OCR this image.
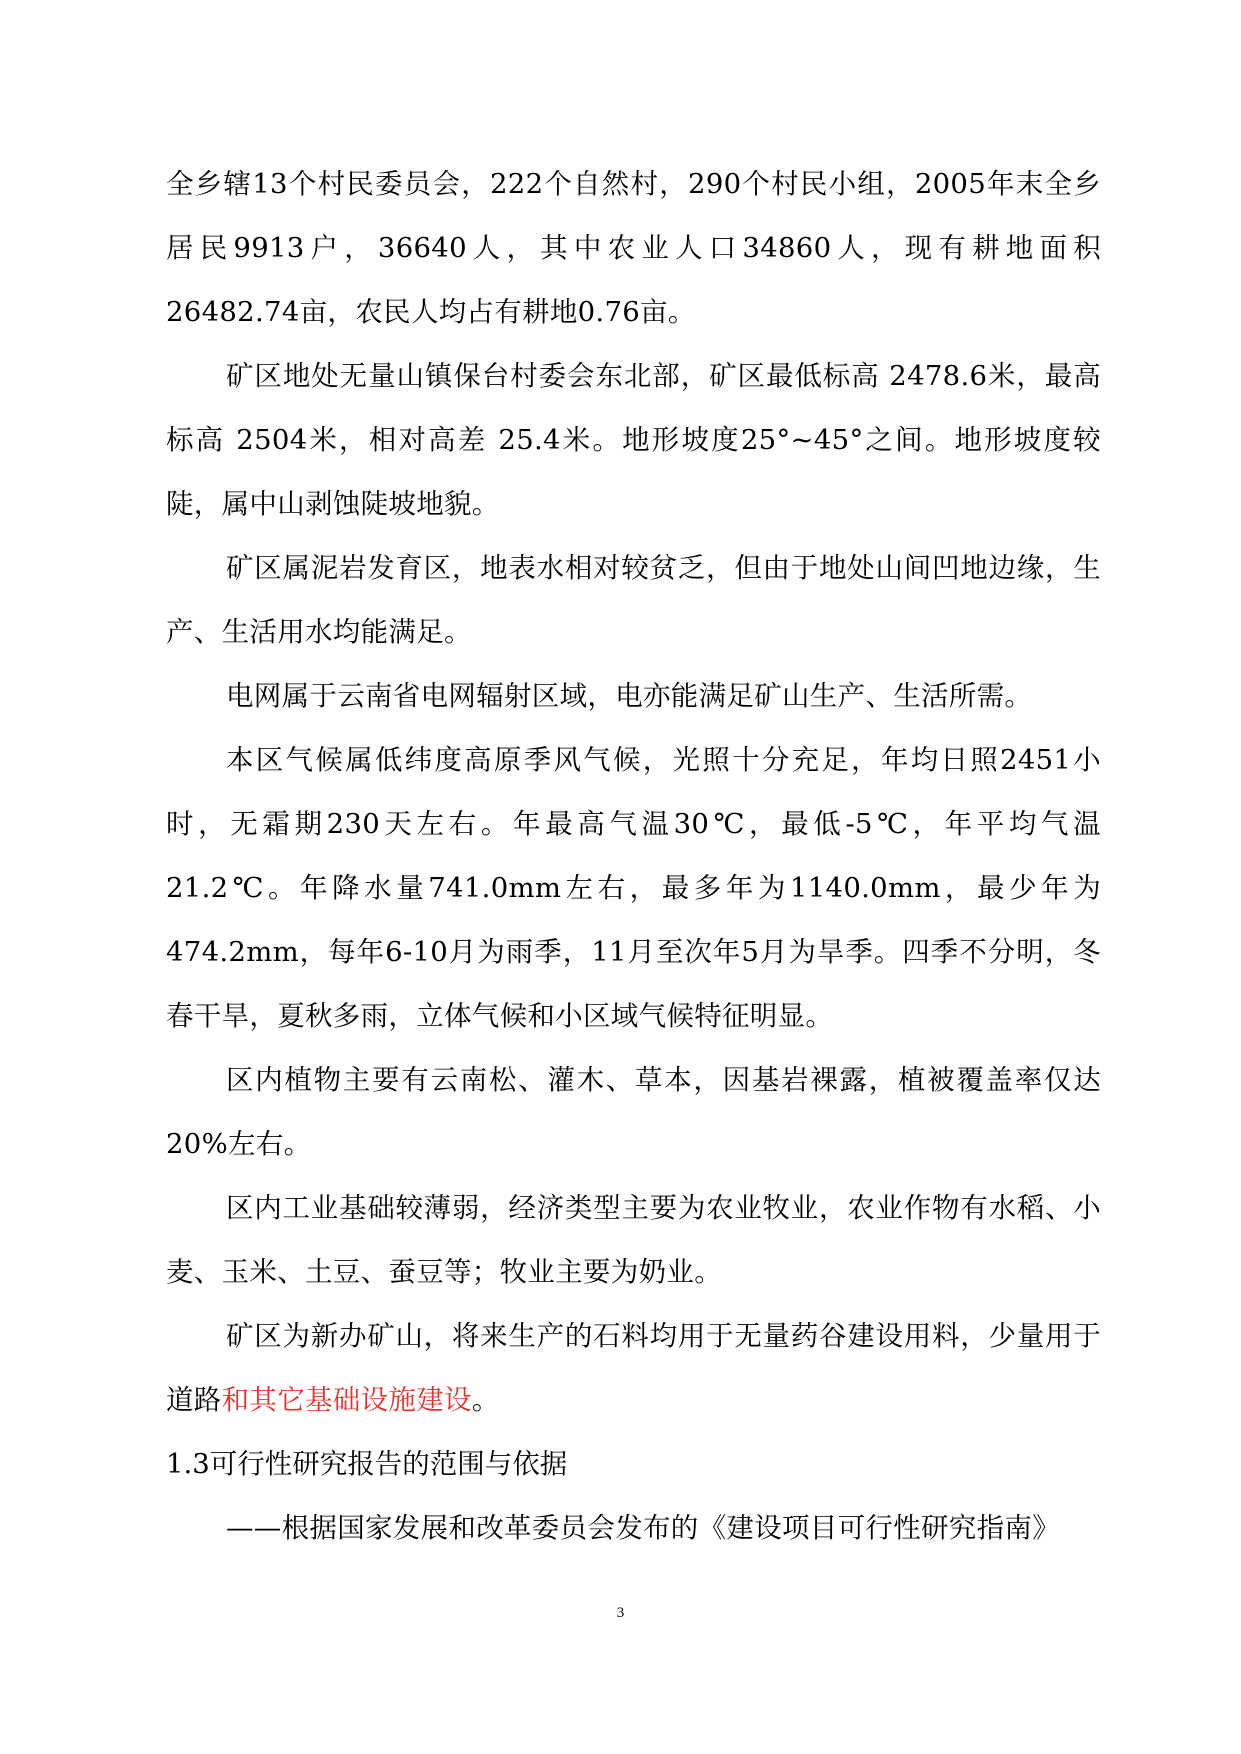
全乡辖13个村民委员会，222个自然村，290个村民小组，2005年末全乡居民9913户，36640人，其中农业人口34860人，现有耕地面积26482.74亩，农民人均占有耕地0.76亩。

矿区地处无量山镇保台村委会东北部，矿区最低标高 2478.6米，最高标高 2504米，相对高差 25.4米。地形坡度25°~45°之间。地形坡度较陡，属中山剥蚀陡坡地貌。

矿区属泥岩发育区，地表水相对较贫乏，但由于地处山间凹地边缘，生产、生活用水均能满足。

电网属于云南省电网辐射区域，电亦能满足矿山生产、生活所需。

本区气候属低纬度高原季风气候，光照十分充足，年均日照2451小时，无霜期230天左右。年最高气温30℃，最低-5℃，年平均气温21.2℃。年降水量741.0mm左右，最多年为1140.0mm，最少年为474.2mm，每年6-10月为雨季，11月至次年5月为旱季。四季不分明，冬春干旱，夏秋多雨，立体气候和小区域气候特征明显。

区内植物主要有云南松、灌木、草本，因基岩裸露，植被覆盖率仅达20%左右。

区内工业基础较薄弱，经济类型主要为农业牧业，农业作物有水稻、小麦、玉米、土豆、蚕豆等；牧业主要为奶业。

矿区为新办矿山，将来生产的石料均用于无量药谷建设用料，少量用于道路和其它基础设施建设。

1.3可行性研究报告的范围与依据

——根据国家发展和改革委员会发布的《建设项目可行性研究指南》

3
